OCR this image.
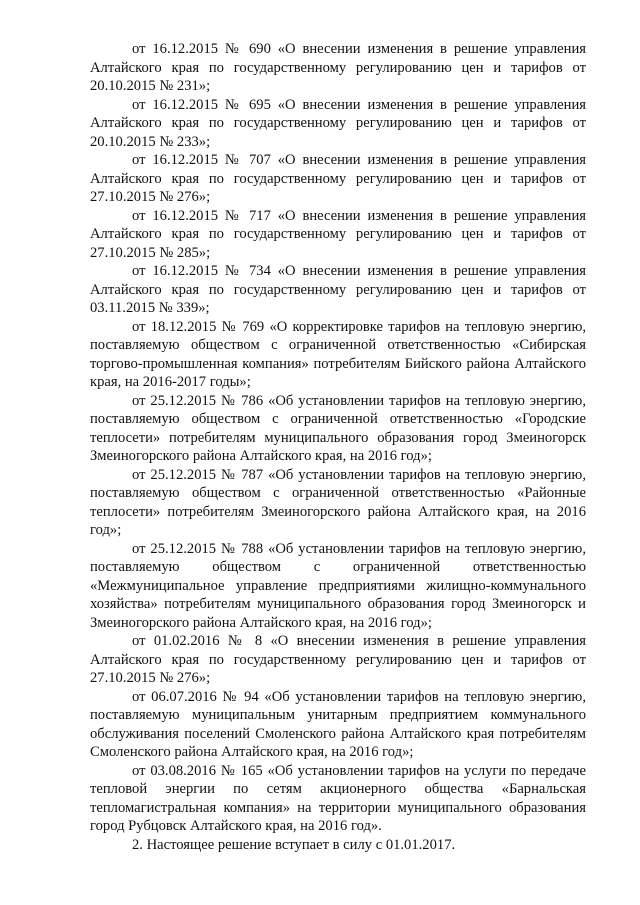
от 16.12.2015 № 690 «О внесении изменения в решение управления Алтайского края по государственному регулированию цен и тарифов от 20.10.2015 № 231»;

от 16.12.2015 № 695 «О внесении изменения в решение управления Алтайского края по государственному регулированию цен и тарифов от 20.10.2015 № 233»;

от 16.12.2015 № 707 «О внесении изменения в решение управления Алтайского края по государственному регулированию цен и тарифов от 27.10.2015 № 276»;

от 16.12.2015 № 717 «О внесении изменения в решение управления Алтайского края по государственному регулированию цен и тарифов от 27.10.2015 № 285»;

от 16.12.2015 № 734 «О внесении изменения в решение управления Алтайского края по государственному регулированию цен и тарифов от 03.11.2015 № 339»;

от 18.12.2015 № 769 «О корректировке тарифов на тепловую энергию, поставляемую обществом с ограниченной ответственностью «Сибирская торгово-промышленная компания» потребителям Бийского района Алтайского края, на 2016-2017 годы»;

от 25.12.2015 № 786 «Об установлении тарифов на тепловую энергию, поставляемую обществом с ограниченной ответственностью «Городские теплосети» потребителям муниципального образования город Змеиногорск Змеиногорского района Алтайского края, на 2016 год»;

от 25.12.2015 № 787 «Об установлении тарифов на тепловую энергию, поставляемую обществом с ограниченной ответственностью «Районные теплосети» потребителям Змеиногорского района Алтайского края, на 2016 год»;

от 25.12.2015 № 788 «Об установлении тарифов на тепловую энергию, поставляемую обществом с ограниченной ответственностью «Межмуниципальное управление предприятиями жилищно-коммунального хозяйства» потребителям муниципального образования город Змеиногорск и Змеиногорского района Алтайского края, на 2016 год»;

от 01.02.2016 № 8 «О внесении изменения в решение управления Алтайского края по государственному регулированию цен и тарифов от 27.10.2015 № 276»;

от 06.07.2016 № 94 «Об установлении тарифов на тепловую энергию, поставляемую муниципальным унитарным предприятием коммунального обслуживания поселений Смоленского района Алтайского края потребителям Смоленского района Алтайского края, на 2016 год»;

от 03.08.2016 № 165 «Об установлении тарифов на услуги по передаче тепловой энергии по сетям акционерного общества «Барнальская тепломагистральная компания» на территории муниципального образования город Рубцовск Алтайского края, на 2016 год».

2. Настоящее решение вступает в силу с 01.01.2017.
